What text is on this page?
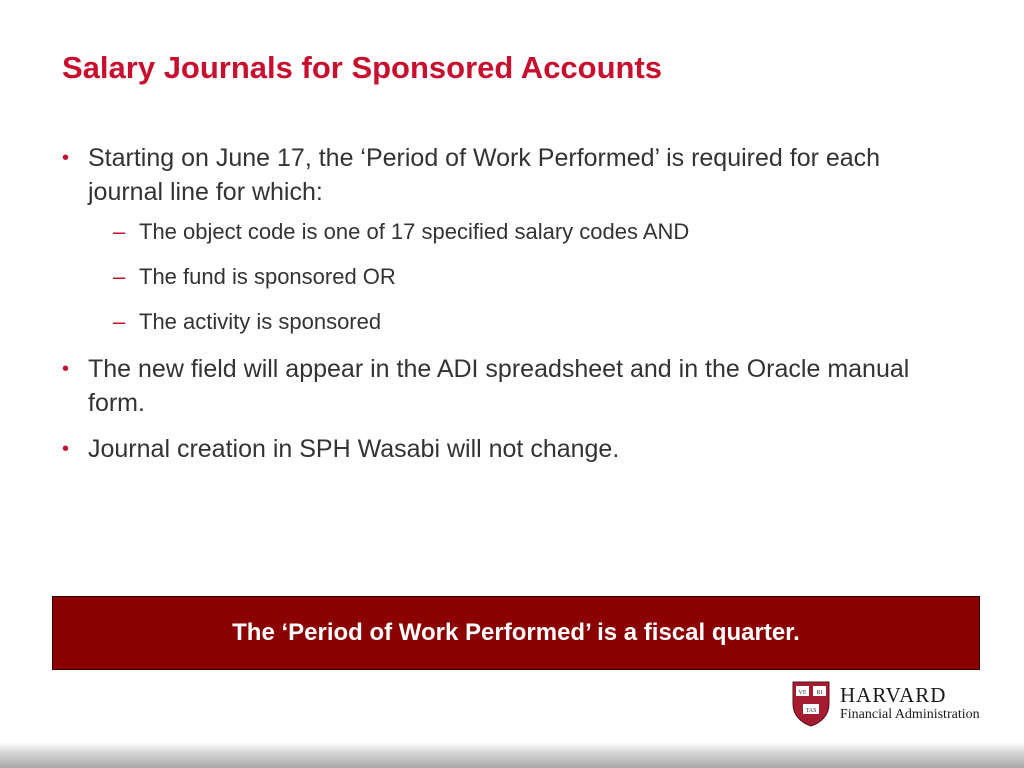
Salary Journals for Sponsored Accounts
• Starting on June 17, the ‘Period of Work Performed’ is required for each journal line for which:
– The object code is one of 17 specified salary codes AND
– The fund is sponsored OR
– The activity is sponsored
• The new field will appear in the ADI spreadsheet and in the Oracle manual form.
• Journal creation in SPH Wasabi will not change.
The ‘Period of Work Performed’ is a fiscal quarter.
VE RI
TAS
HARVARD
Financial Administration
